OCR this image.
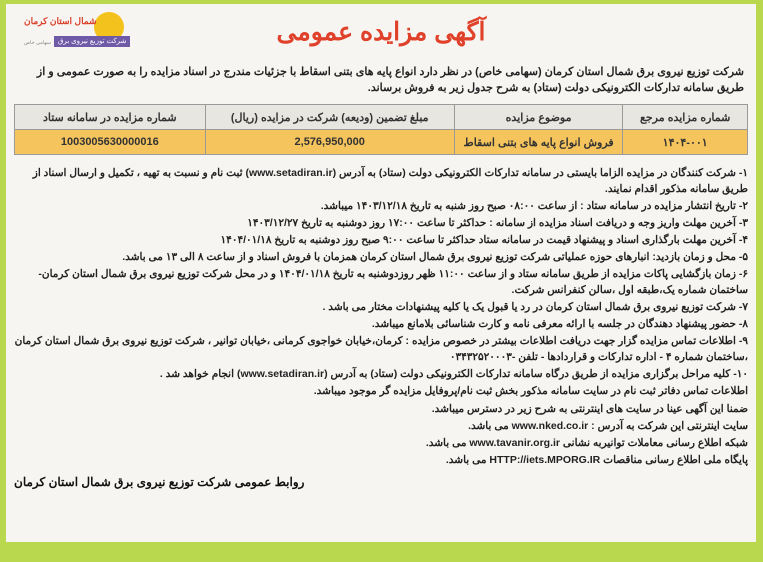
شمال استان کرمان
شرکت توزیع نیروی برق
سهامی خاص	آگهی مزایده عمومی
شرکت توزیع نیروی برق شمال استان کرمان (سهامی خاص) در نظر دارد انواع پایه های بتنی اسقاط با جزئیات مندرج در اسناد مزایده را به صورت عمومی و از طریق سامانه تدارکات الکترونیکی دولت (ستاد) به شرح جدول زیر به فروش برساند.
شماره مزایده مرجع	موضوع مزایده	مبلغ تضمین (ودیعه) شرکت در مزایده (ریال)	شماره مزایده در سامانه ستاد
۱۴۰۴-۰۰۱	فروش انواع پایه های بتنی اسقاط	2,576,950,000	1003005630000016

۱- شرکت کنندگان در مزایده الزاما بایستی در سامانه تدارکات الکترونیکی دولت (ستاد) به آدرس (www.setadiran.ir) ثبت نام و نسبت به تهیه ، تکمیل و ارسال اسناد از طریق سامانه مذکور اقدام نمایند.

۲- تاریخ انتشار مزایده در سامانه ستاد : از ساعت ۰۸:۰۰ صبح روز شنبه به تاریخ ۱۴۰۳/۱۲/۱۸ میباشد.

۳- آخرین مهلت واریز وجه و دریافت اسناد مزایده از سامانه : حداکثر تا ساعت ۱۷:۰۰ روز دوشنبه به تاریخ ۱۴۰۳/۱۲/۲۷

۴- آخرین مهلت بارگذاری اسناد و پیشنهاد قیمت در سامانه ستاد حداکثر تا ساعت ۹:۰۰ صبح روز دوشنبه به تاریخ ۱۴۰۴/۰۱/۱۸

۵- محل و زمان بازدید: انبارهای حوزه عملیاتی شرکت توزیع نیروی برق شمال استان کرمان همزمان با فروش اسناد و از ساعت ۸ الی ۱۳ می باشد.

۶- زمان بازگشایی پاکات مزایده از طریق سامانه ستاد و از ساعت ۱۱:۰۰ ظهر روزدوشنبه به تاریخ ۱۴۰۴/۰۱/۱۸ و در محل شرکت توزیع نیروی برق شمال استان کرمان- ساختمان شماره یک،طبقه اول ،سالن کنفرانس شرکت.

۷- شرکت توزیع نیروی برق شمال استان کرمان در رد یا قبول یک یا کلیه پیشنهادات مختار می باشد .

۸- حضور پیشنهاد دهندگان در جلسه با ارائه معرفی نامه و کارت شناسائی بلامانع میباشد.

۹- اطلاعات تماس مزایده گزار جهت دریافت اطلاعات بیشتر در خصوص مزایده : کرمان،خیابان خواجوی کرمانی ،خیابان توانیر ، شرکت توزیع نیروی برق شمال استان کرمان ،ساختمان شماره ۴ - اداره تدارکات و قراردادها - تلفن -۰۳۴۳۲۵۲۰۰۰۳

۱۰- کلیه مراحل برگزاری مزایده از طریق درگاه سامانه تدارکات الکترونیکی دولت (ستاد) به آدرس (www.setadiran.ir) انجام خواهد شد .

اطلاعات تماس دفاتر ثبت نام در سایت سامانه مذکور بخش ثبت نام/پروفایل مزایده گر موجود میباشد.

ضمنا این آگهی عینا در سایت های اینترنتی به شرح زیر در دسترس میباشد.

سایت اینترنتی این شرکت به آدرس : www.nked.co.ir می باشد.

شبکه اطلاع رسانی معاملات توانیربه نشانی www.tavanir.org.ir می باشد.

پایگاه ملی اطلاع رسانی مناقصات HTTP://iets.MPORG.IR می باشد.

روابط عمومی شرکت توزیع نیروی برق شمال استان کرمان
